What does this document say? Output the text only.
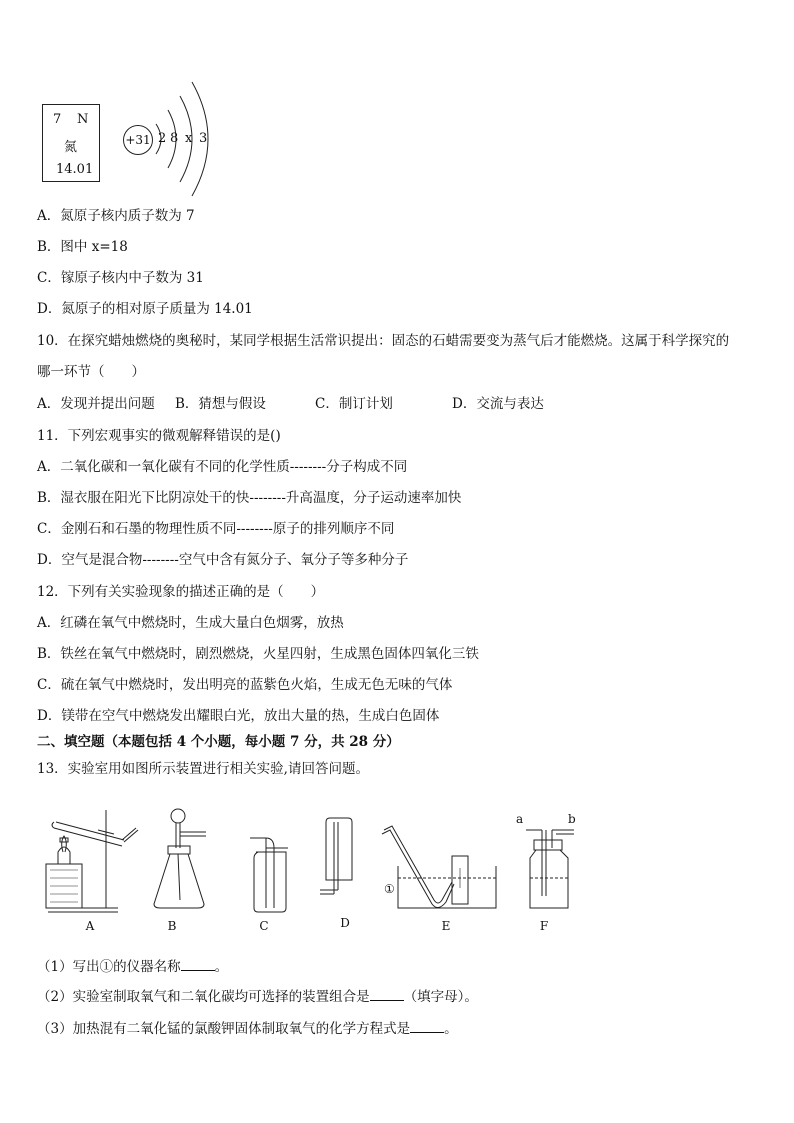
7 N
氮
14.01
+31 2 8 x 3
A．氮原子核内质子数为 7
B．图中 x=18
C．镓原子核内中子数为 31
D．氮原子的相对原子质量为 14.01
10．在探究蜡烛燃烧的奥秘时，某同学根据生活常识提出：固态的石蜡需要变为蒸气后才能燃烧。这属于科学探究的
哪一环节（　　）
A．发现并提出问题 B．猜想与假设	C．制订计划	D．交流与表达
11．下列宏观事实的微观解释错误的是()
A．二氧化碳和一氧化碳有不同的化学性质--------分子构成不同
B．湿衣服在阳光下比阴凉处干的快--------升高温度，分子运动速率加快
C．金刚石和石墨的物理性质不同--------原子的排列顺序不同
D．空气是混合物--------空气中含有氮分子、氧分子等多种分子
12．下列有关实验现象的描述正确的是（　　）
A．红磷在氧气中燃烧时，生成大量白色烟雾，放热
B．铁丝在氧气中燃烧时，剧烈燃烧，火星四射，生成黑色固体四氧化三铁
C．硫在氧气中燃烧时，发出明亮的蓝紫色火焰，生成无色无味的气体
D．镁带在空气中燃烧发出耀眼白光，放出大量的热，生成白色固体
二、填空题（本题包括 4 个小题，每小题 7 分，共 28 分）
13．实验室用如图所示装置进行相关实验,请回答问题。
A	B	C	D	E	F
a	b
①
（1）写出①的仪器名称	。
（2）实验室制取氧气和二氧化碳均可选择的装置组合是	（填字母）。
（3）加热混有二氧化锰的氯酸钾固体制取氧气的化学方程式是	。
